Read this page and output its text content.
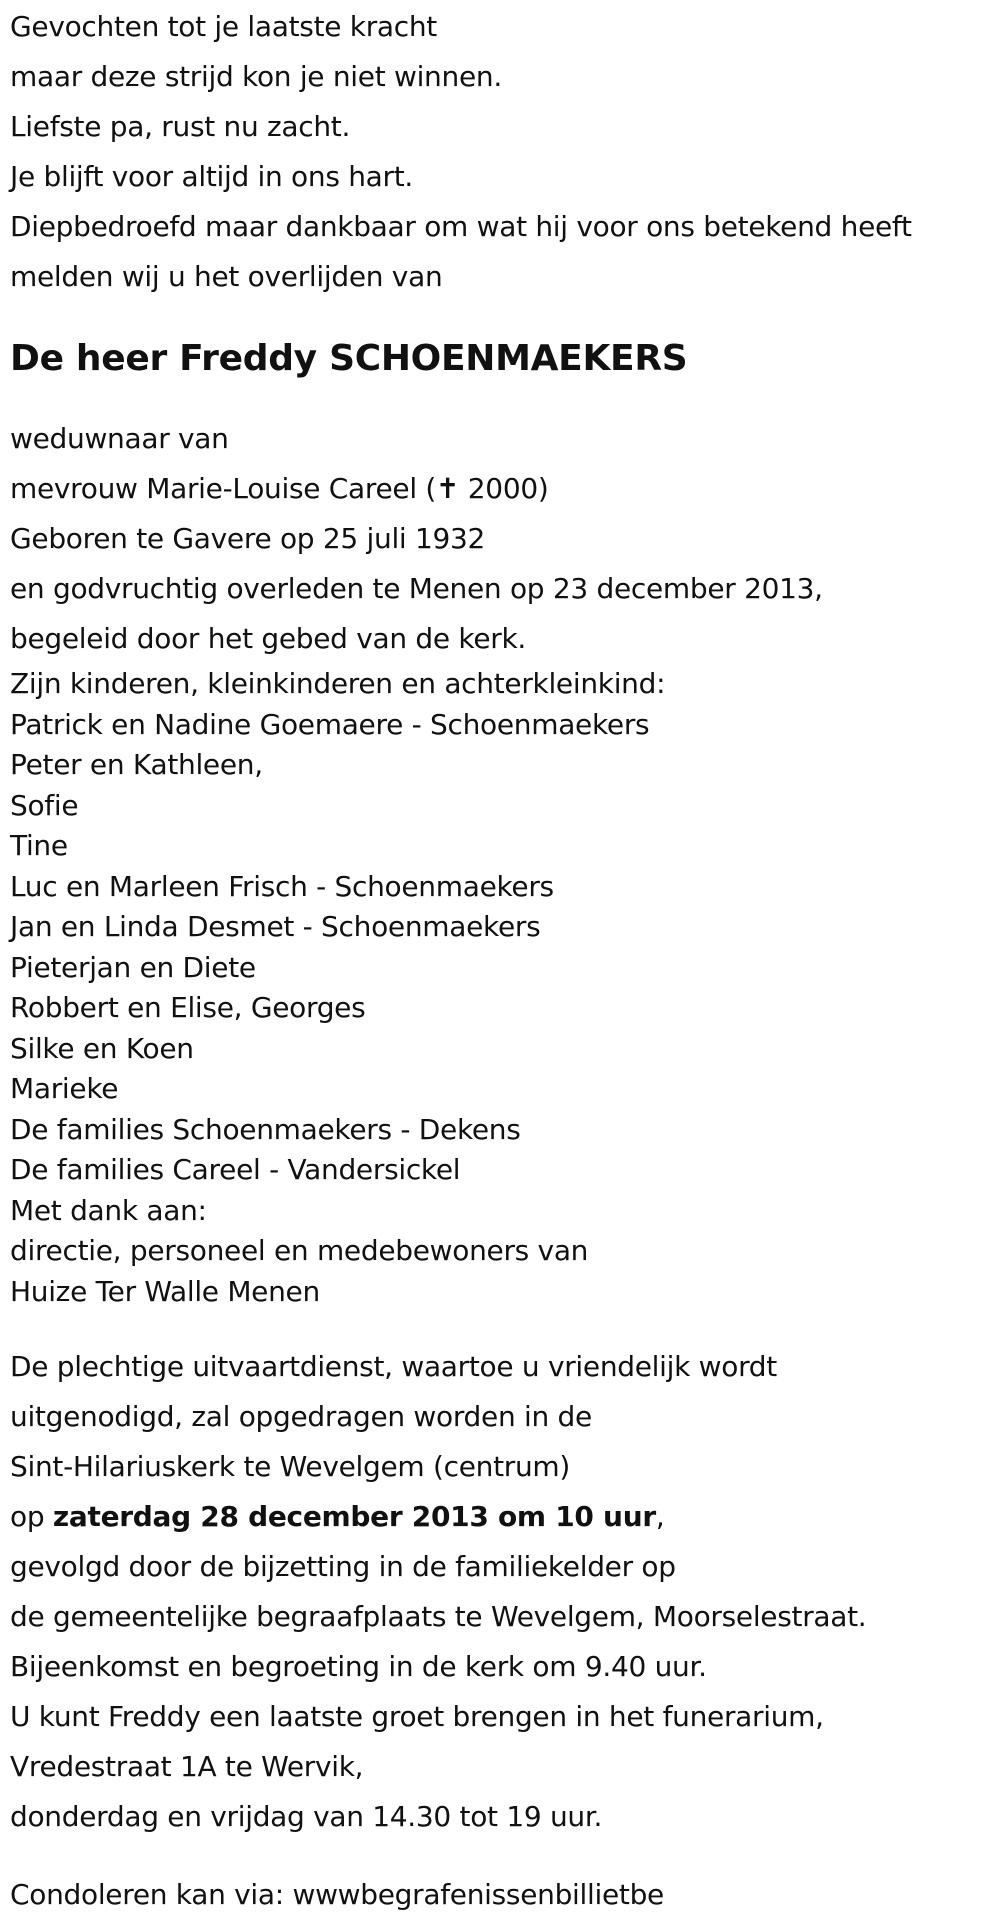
Gevochten tot je laatste kracht
maar deze strijd kon je niet winnen.
Liefste pa, rust nu zacht.
Je blijft voor altijd in ons hart.
Diepbedroefd maar dankbaar om wat hij voor ons betekend heeft
melden wij u het overlijden van
De heer Freddy SCHOENMAEKERS
weduwnaar van
mevrouw Marie-Louise Careel (✝ 2000)
Geboren te Gavere op 25 juli 1932
en godvruchtig overleden te Menen op 23 december 2013,
begeleid door het gebed van de kerk.
Zijn kinderen, kleinkinderen en achterkleinkind:
Patrick en Nadine Goemaere - Schoenmaekers
Peter en Kathleen,
Sofie
Tine
Luc en Marleen Frisch - Schoenmaekers
Jan en Linda Desmet - Schoenmaekers
Pieterjan en Diete
Robbert en Elise, Georges
Silke en Koen
Marieke
De families Schoenmaekers - Dekens
De families Careel - Vandersickel
Met dank aan:
directie, personeel en medebewoners van
Huize Ter Walle Menen
De plechtige uitvaartdienst, waartoe u vriendelijk wordt
uitgenodigd, zal opgedragen worden in de
Sint-Hilariuskerk te Wevelgem (centrum)
op zaterdag 28 december 2013 om 10 uur,
gevolgd door de bijzetting in de familiekelder op
de gemeentelijke begraafplaats te Wevelgem, Moorselestraat.
Bijeenkomst en begroeting in de kerk om 9.40 uur.
U kunt Freddy een laatste groet brengen in het funerarium,
Vredestraat 1A te Wervik,
donderdag en vrijdag van 14.30 tot 19 uur.
Condoleren kan via: wwwbegrafenissenbillietbe
